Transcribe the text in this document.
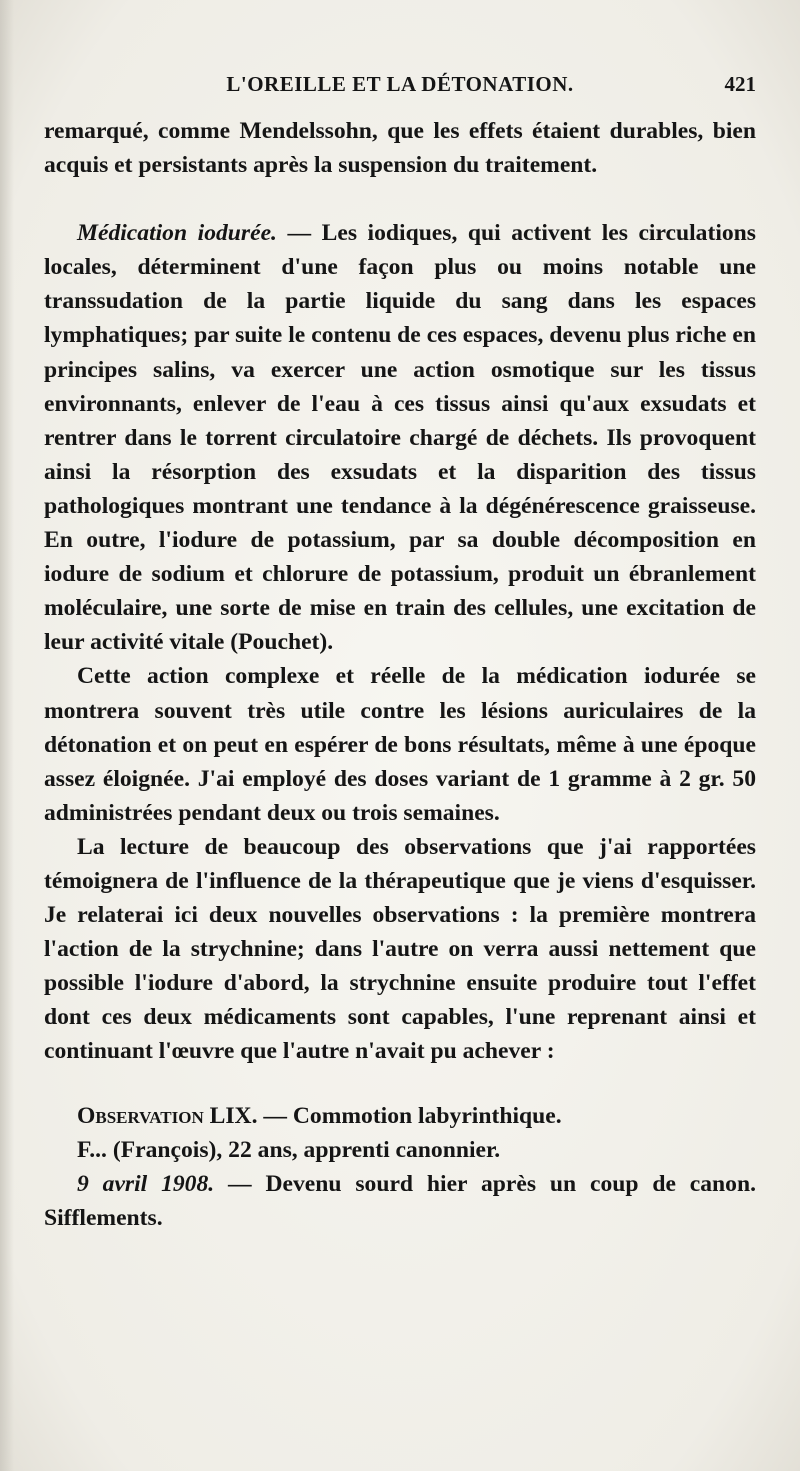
L'OREILLE ET LA DÉTONATION.	421

remarqué, comme Mendelssohn, que les effets étaient durables, bien acquis et persistants après la suspension du traitement.

Médication iodurée. — Les iodiques, qui activent les circulations locales, déterminent d'une façon plus ou moins notable une transsudation de la partie liquide du sang dans les espaces lymphatiques; par suite le contenu de ces espaces, devenu plus riche en principes salins, va exercer une action osmotique sur les tissus environnants, enlever de l'eau à ces tissus ainsi qu'aux exsudats et rentrer dans le torrent circulatoire chargé de déchets. Ils provoquent ainsi la résorption des exsudats et la disparition des tissus pathologiques montrant une tendance à la dégénérescence graisseuse. En outre, l'iodure de potassium, par sa double décomposition en iodure de sodium et chlorure de potassium, produit un ébranlement moléculaire, une sorte de mise en train des cellules, une excitation de leur activité vitale (Pouchet).

Cette action complexe et réelle de la médication iodurée se montrera souvent très utile contre les lésions auriculaires de la détonation et on peut en espérer de bons résultats, même à une époque assez éloignée. J'ai employé des doses variant de 1 gramme à 2 gr. 50 administrées pendant deux ou trois semaines.

La lecture de beaucoup des observations que j'ai rapportées témoignera de l'influence de la thérapeutique que je viens d'esquisser. Je relaterai ici deux nouvelles observations : la première montrera l'action de la strychnine; dans l'autre on verra aussi nettement que possible l'iodure d'abord, la strychnine ensuite produire tout l'effet dont ces deux médicaments sont capables, l'une reprenant ainsi et continuant l'œuvre que l'autre n'avait pu achever :

Observation LIX. — Commotion labyrinthique.

F... (François), 22 ans, apprenti canonnier.

9 avril 1908. — Devenu sourd hier après un coup de canon. Sifflements.
